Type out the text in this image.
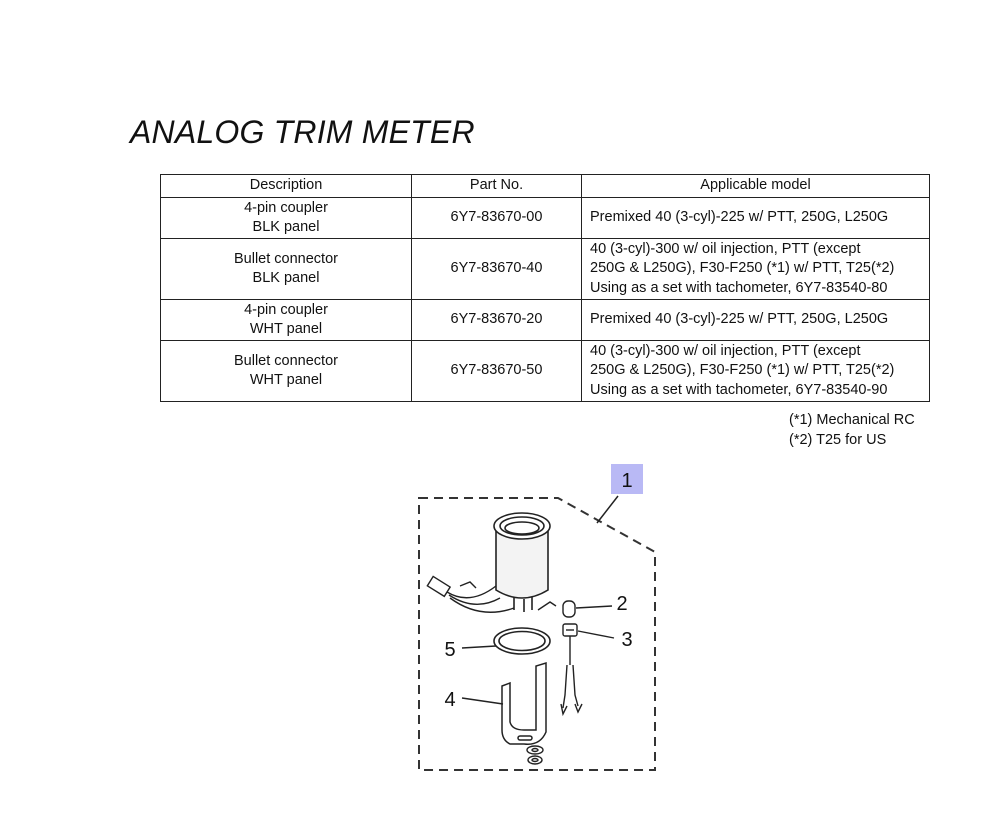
ANALOG TRIM METER
Description	Part No.	Applicable model

4-pin coupler
BLK panel	6Y7-83670-00	Premixed 40 (3-cyl)-225 w/ PTT, 250G, L250G

Bullet connector
BLK panel	6Y7-83670-40	40 (3-cyl)-300 w/ oil injection, PTT (except
250G & L250G), F30-F250 (*1) w/ PTT, T25(*2)
Using as a set with tachometer, 6Y7-83540-80

4-pin coupler
WHT panel	6Y7-83670-20	Premixed 40 (3-cyl)-225 w/ PTT, 250G, L250G

Bullet connector
WHT panel	6Y7-83670-50	40 (3-cyl)-300 w/ oil injection, PTT (except
250G & L250G), F30-F250 (*1) w/ PTT, T25(*2)
Using as a set with tachometer, 6Y7-83540-90
(*1) Mechanical RC
(*2) T25 for US
1
2
3
5
4
